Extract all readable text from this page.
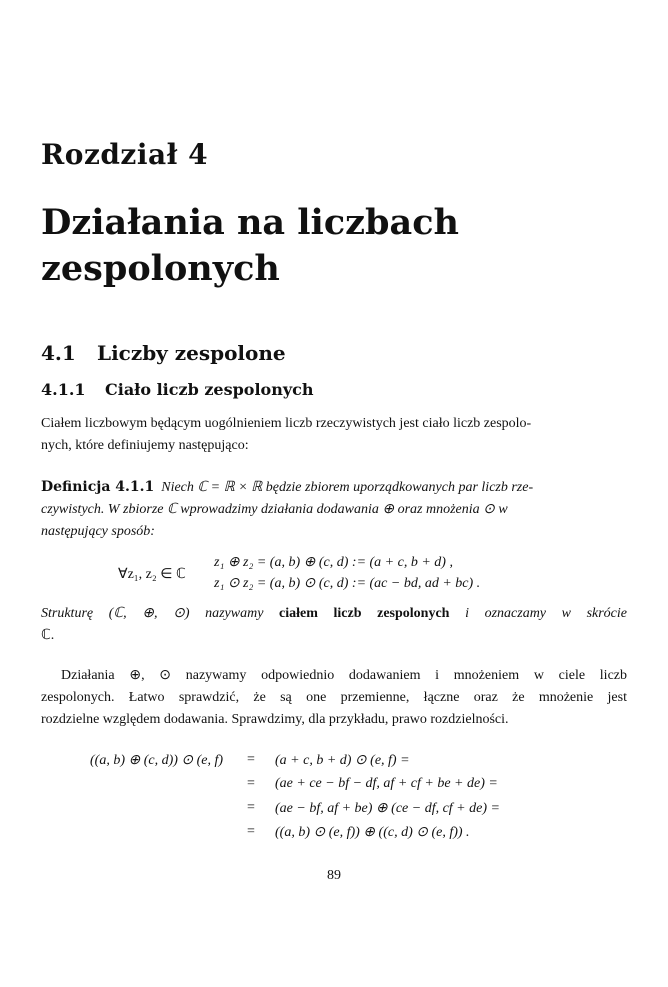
Rozdział 4
Działania na liczbach
zespolonych
4.1 Liczby zespolone
4.1.1 Ciało liczb zespolonych
Ciałem liczbowym będącym uogólnieniem liczb rzeczywistych jest ciało liczb zespolo-
nych, które definiujemy następująco:
Definicja 4.1.1 Niech ℂ = ℝ × ℝ będzie zbiorem uporządkowanych par liczb rze-
czywistych. W zbiorze ℂ wprowadzimy działania dodawania ⊕ oraz mnożenia ⊙ w
następujący sposób:
∀z₁, z₂ ∈ ℂ
z₁ ⊕ z₂ = (a, b) ⊕ (c, d) := (a + c, b + d) ,
z₁ ⊙ z₂ = (a, b) ⊙ (c, d) := (ac − bd, ad + bc) .
Strukturę (ℂ, ⊕, ⊙) nazywamy ciałem liczb zespolonych i oznaczamy w skrócie
ℂ.
Działania ⊕, ⊙ nazywamy odpowiednio dodawaniem i mnożeniem w ciele liczb
zespolonych. Łatwo sprawdzić, że są one przemienne, łączne oraz że mnożenie jest
rozdzielne względem dodawania. Sprawdzimy, dla przykładu, prawo rozdzielności.
((a, b) ⊕ (c, d)) ⊙ (e, f) =
=
=
=
(a + c, b + d) ⊙ (e, f) =
(ae + ce − bf − df, af + cf + be + de) =
(ae − bf, af + be) ⊕ (ce − df, cf + de) =
((a, b) ⊙ (e, f)) ⊕ ((c, d) ⊙ (e, f)) .
89
